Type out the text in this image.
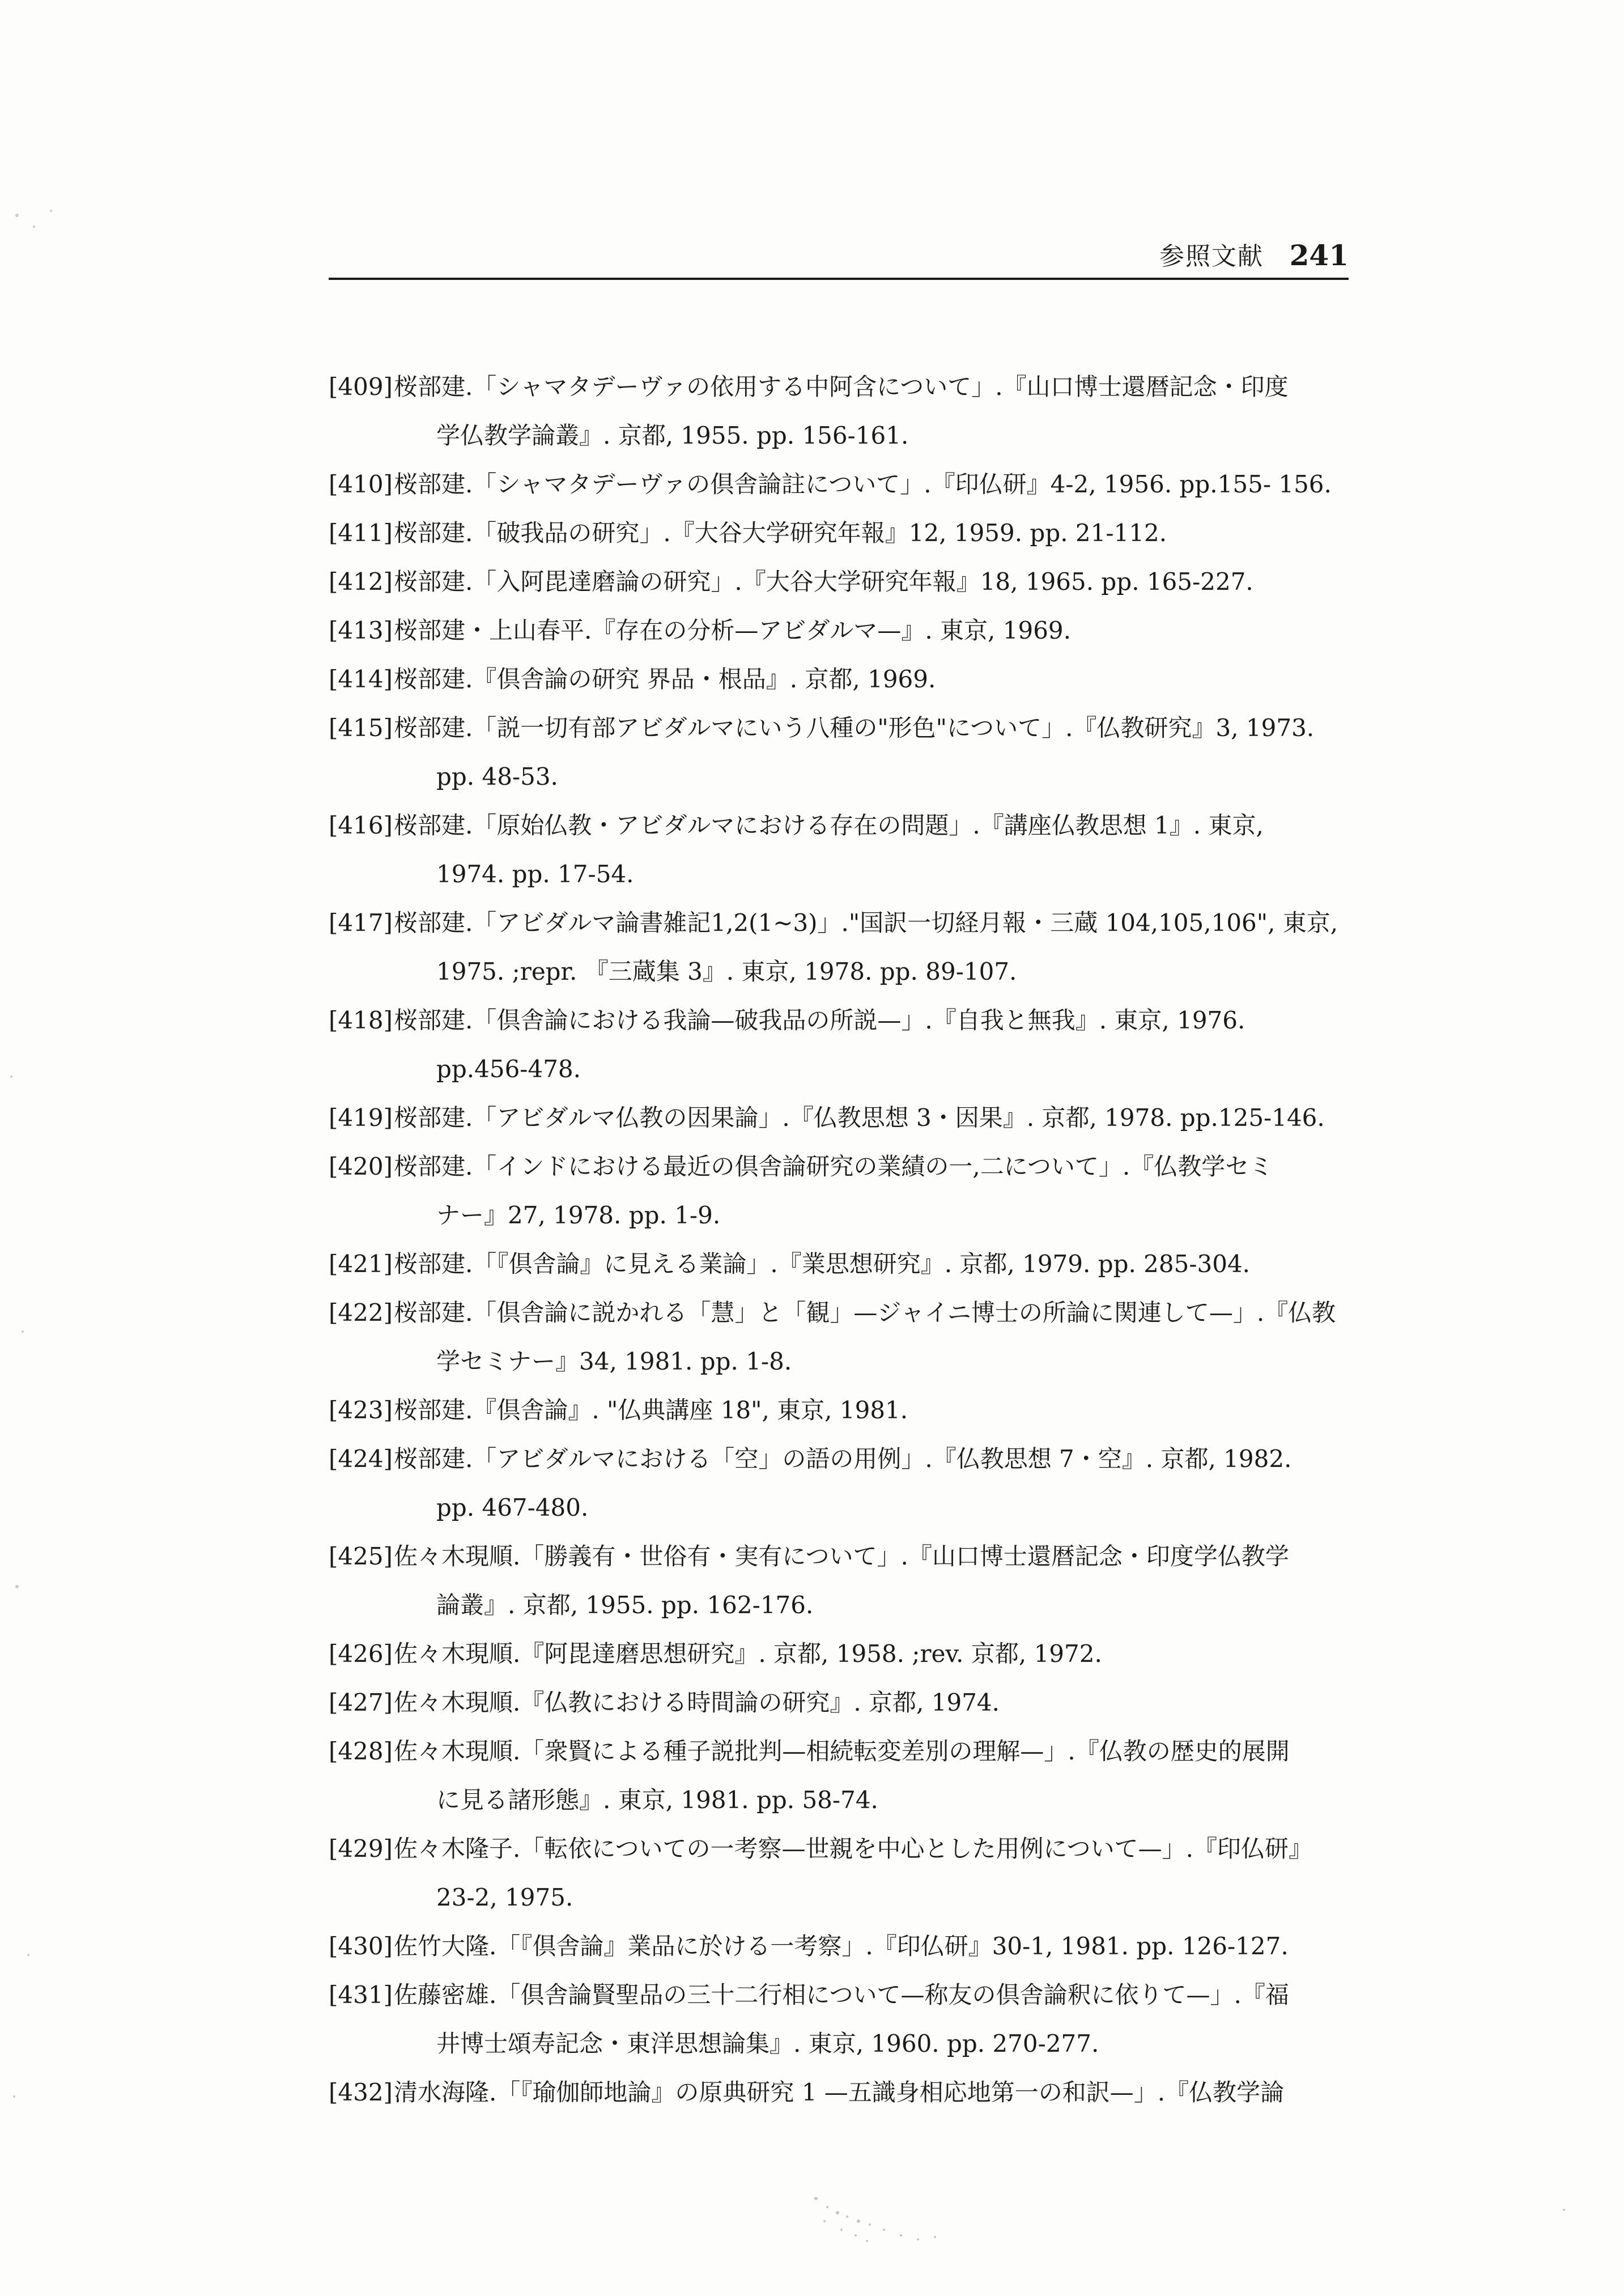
参照文献 241
[409] 桜部建.「シャマタデーヴァの依用する中阿含について」.『山口博士還暦記念・印度
学仏教学論叢』. 京都, 1955. pp. 156-161.
[410] 桜部建.「シャマタデーヴァの倶舎論註について」.『印仏研』4-2, 1956. pp.155- 156.
[411] 桜部建.「破我品の研究」.『大谷大学研究年報』12, 1959. pp. 21-112.
[412] 桜部建.「入阿毘達磨論の研究」.『大谷大学研究年報』18, 1965. pp. 165-227.
[413] 桜部建・上山春平.『存在の分析—アビダルマ—』. 東京, 1969.
[414] 桜部建.『倶舎論の研究 界品・根品』. 京都, 1969.
[415] 桜部建.「説一切有部アビダルマにいう八種の"形色"について」.『仏教研究』3, 1973.
pp. 48-53.
[416] 桜部建.「原始仏教・アビダルマにおける存在の問題」.『講座仏教思想 1』. 東京,
1974. pp. 17-54.
[417] 桜部建.「アビダルマ論書雑記1,2(1~3)」."国訳一切経月報・三蔵 104,105,106", 東京,
1975. ;repr. 『三蔵集 3』. 東京, 1978. pp. 89-107.
[418] 桜部建.「倶舎論における我論—破我品の所説—」.『自我と無我』. 東京, 1976.
pp.456-478.
[419] 桜部建.「アビダルマ仏教の因果論」.『仏教思想 3・因果』. 京都, 1978. pp.125-146.
[420] 桜部建.「インドにおける最近の倶舎論研究の業績の一,二について」.『仏教学セミ
ナー』27, 1978. pp. 1-9.
[421] 桜部建.「『倶舎論』に見える業論」.『業思想研究』. 京都, 1979. pp. 285-304.
[422] 桜部建.「倶舎論に説かれる「慧」と「観」—ジャイニ博士の所論に関連して—」.『仏教
学セミナー』34, 1981. pp. 1-8.
[423] 桜部建.『倶舎論』. "仏典講座 18", 東京, 1981.
[424] 桜部建.「アビダルマにおける「空」の語の用例」.『仏教思想 7・空』. 京都, 1982.
pp. 467-480.
[425] 佐々木現順.「勝義有・世俗有・実有について」.『山口博士還暦記念・印度学仏教学
論叢』. 京都, 1955. pp. 162-176.
[426] 佐々木現順.『阿毘達磨思想研究』. 京都, 1958. ;rev. 京都, 1972.
[427] 佐々木現順.『仏教における時間論の研究』. 京都, 1974.
[428] 佐々木現順.「衆賢による種子説批判—相続転変差別の理解—」.『仏教の歴史的展開
に見る諸形態』. 東京, 1981. pp. 58-74.
[429] 佐々木隆子.「転依についての一考察—世親を中心とした用例について—」.『印仏研』
23-2, 1975.
[430] 佐竹大隆.「『倶舎論』業品に於ける一考察」.『印仏研』30-1, 1981. pp. 126-127.
[431] 佐藤密雄.「倶舎論賢聖品の三十二行相について—称友の倶舎論釈に依りて—」.『福
井博士頌寿記念・東洋思想論集』. 東京, 1960. pp. 270-277.
[432] 清水海隆.「『瑜伽師地論』の原典研究 1 —五識身相応地第一の和訳—」.『仏教学論
